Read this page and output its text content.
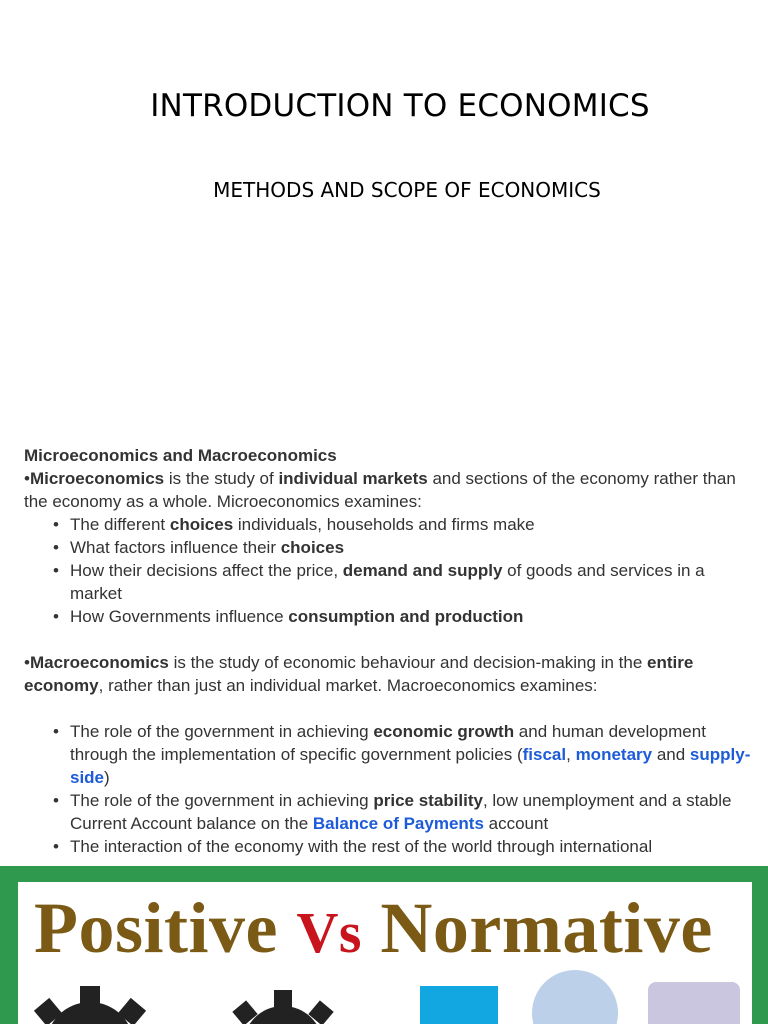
INTRODUCTION TO ECONOMICS
METHODS AND SCOPE OF ECONOMICS

Microeconomics and Macroeconomics

•Microeconomics is the study of individual markets and sections of the economy rather than the economy as a whole. Microeconomics examines:

• The different choices individuals, households and firms make
• What factors influence their choices
• How their decisions affect the price, demand and supply of goods and services in a market
• How Governments influence consumption and production

•Macroeconomics is the study of economic behaviour and decision-making in the entire economy, rather than just an individual market. Macroeconomics examines:

• The role of the government in achieving economic growth and human development through the implementation of specific government policies (fiscal, monetary and supply-side)
• The role of the government in achieving price stability, low unemployment and a stable Current Account balance on the Balance of Payments account
• The interaction of the economy with the rest of the world through international
Positive Vs Normative
